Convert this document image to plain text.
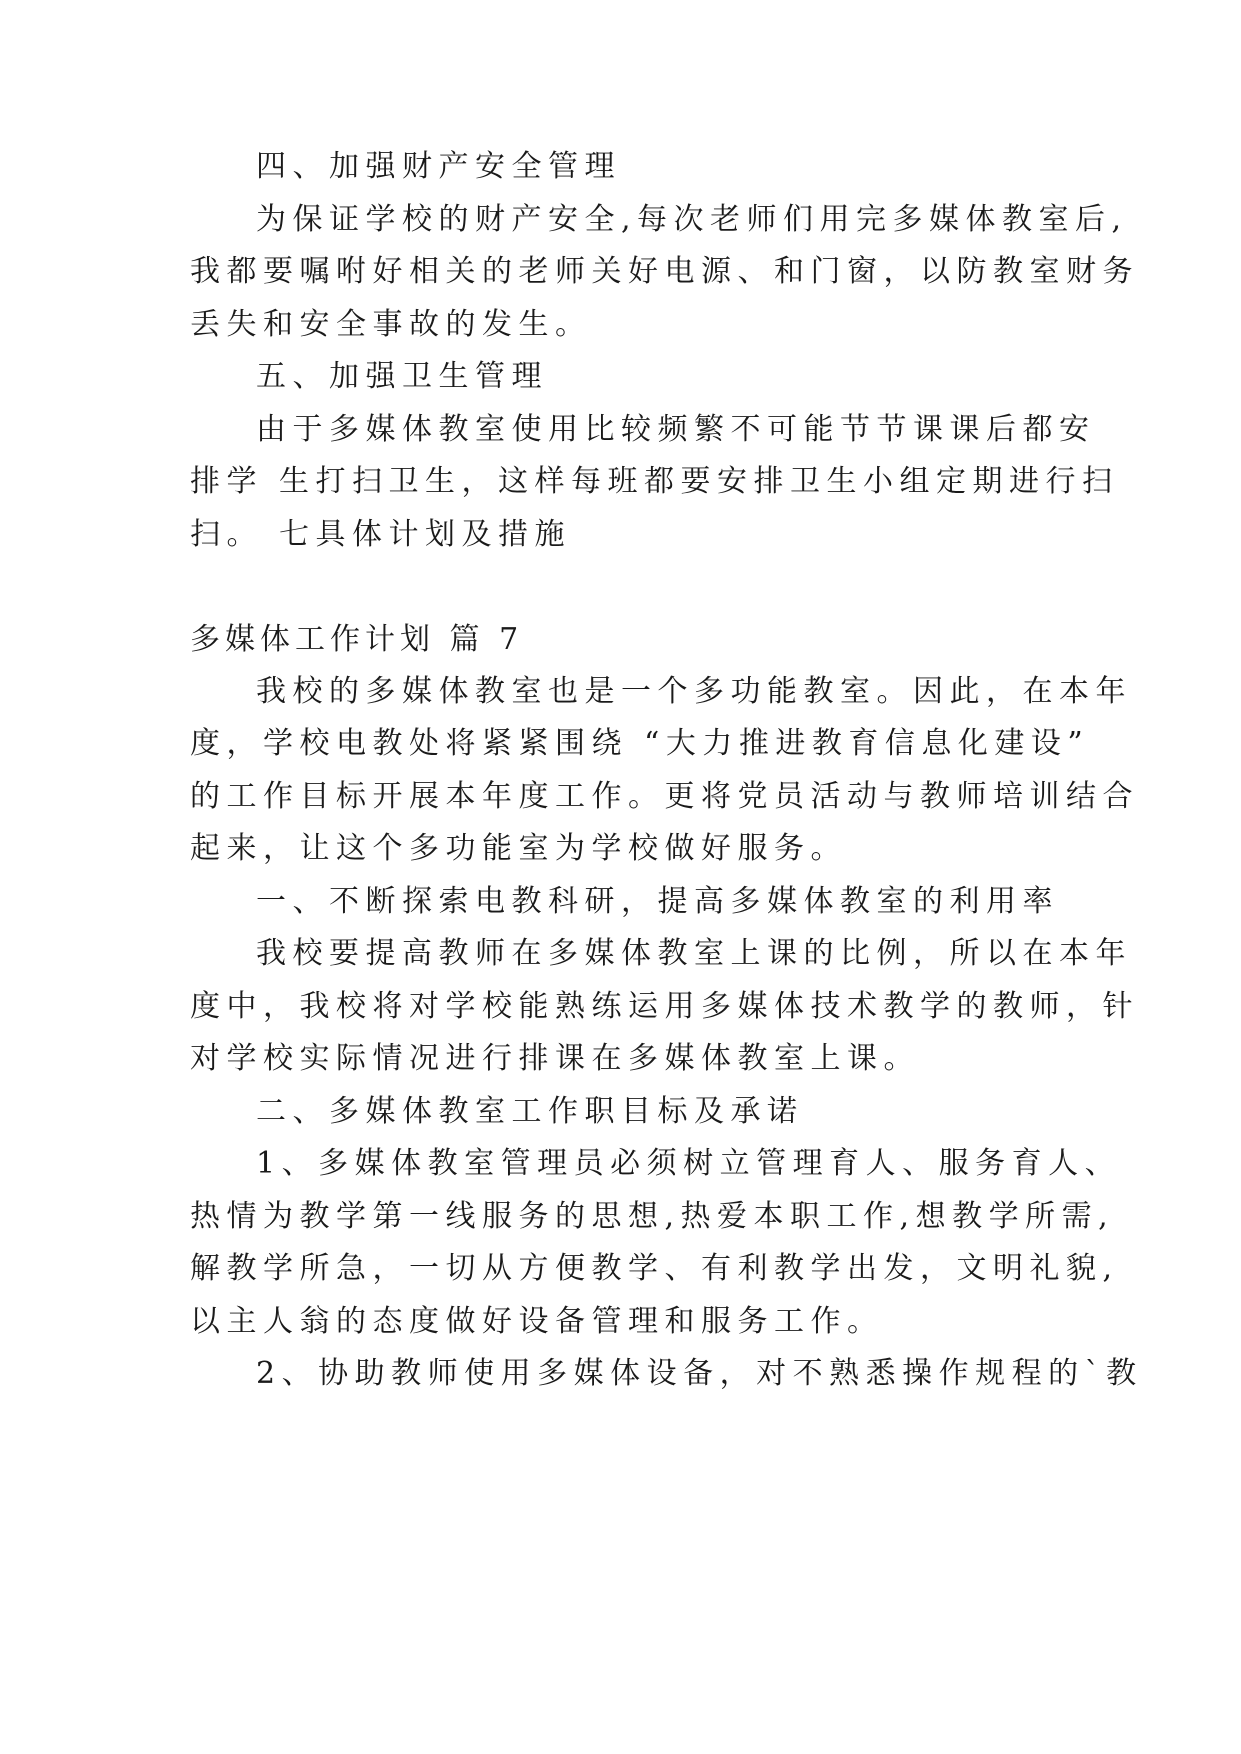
四、加强财产安全管理
为保证学校的财产安全,每次老师们用完多媒体教室后,
我都要嘱咐好相关的老师关好电源、和门窗，以防教室财务
丢失和安全事故的发生。
五、加强卫生管理
由于多媒体教室使用比较频繁不可能节节课课后都安
排学 生打扫卫生，这样每班都要安排卫生小组定期进行扫
扫。 七具体计划及措施
多媒体工作计划 篇 7
我校的多媒体教室也是一个多功能教室。因此，在本年
度，学校电教处将紧紧围绕 “大力推进教育信息化建设”
的工作目标开展本年度工作。更将党员活动与教师培训结合
起来，让这个多功能室为学校做好服务。
一、不断探索电教科研，提高多媒体教室的利用率
我校要提高教师在多媒体教室上课的比例，所以在本年
度中，我校将对学校能熟练运用多媒体技术教学的教师，针
对学校实际情况进行排课在多媒体教室上课。
二、多媒体教室工作职目标及承诺
1、多媒体教室管理员必须树立管理育人、服务育人、
热情为教学第一线服务的思想,热爱本职工作,想教学所需,
解教学所急，一切从方便教学、有利教学出发，文明礼貌,
以主人翁的态度做好设备管理和服务工作。
2、协助教师使用多媒体设备，对不熟悉操作规程的`教
